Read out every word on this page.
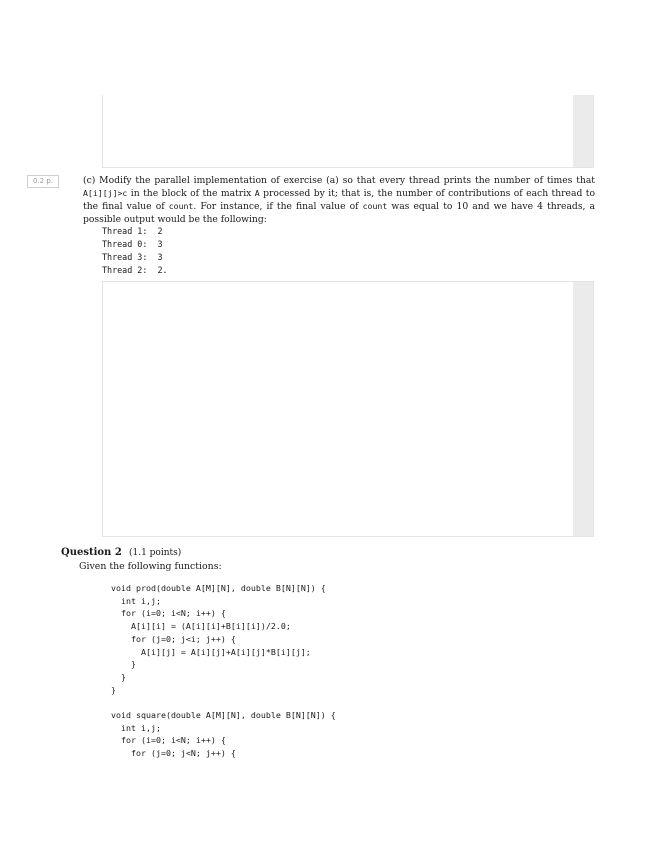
0.2 p.	(c) Modify the parallel implementation of exercise (a) so that every thread prints the number of times that A[i][j]>c in the block of the matrix A processed by it; that is, the number of contributions of each thread to the final value of count. For instance, if the final value of count was equal to 10 and we have 4 threads, a possible output would be the following:

Thread 1:  2
Thread 0:  3
Thread 3:  3
Thread 2:  2.
Question 2 (1.1 points)
Given the following functions:
void prod(double A[M][N], double B[N][N]) {
int i,j;
for (i=0; i<N; i++) {
A[i][i] = (A[i][i]+B[i][i])/2.0;
for (j=0; j<i; j++) {
A[i][j] = A[i][j]+A[i][j]*B[i][j];
}
}
}

void square(double A[M][N], double B[N][N]) {
int i,j;
for (i=0; i<N; i++) {
for (j=0; j<N; j++) {
